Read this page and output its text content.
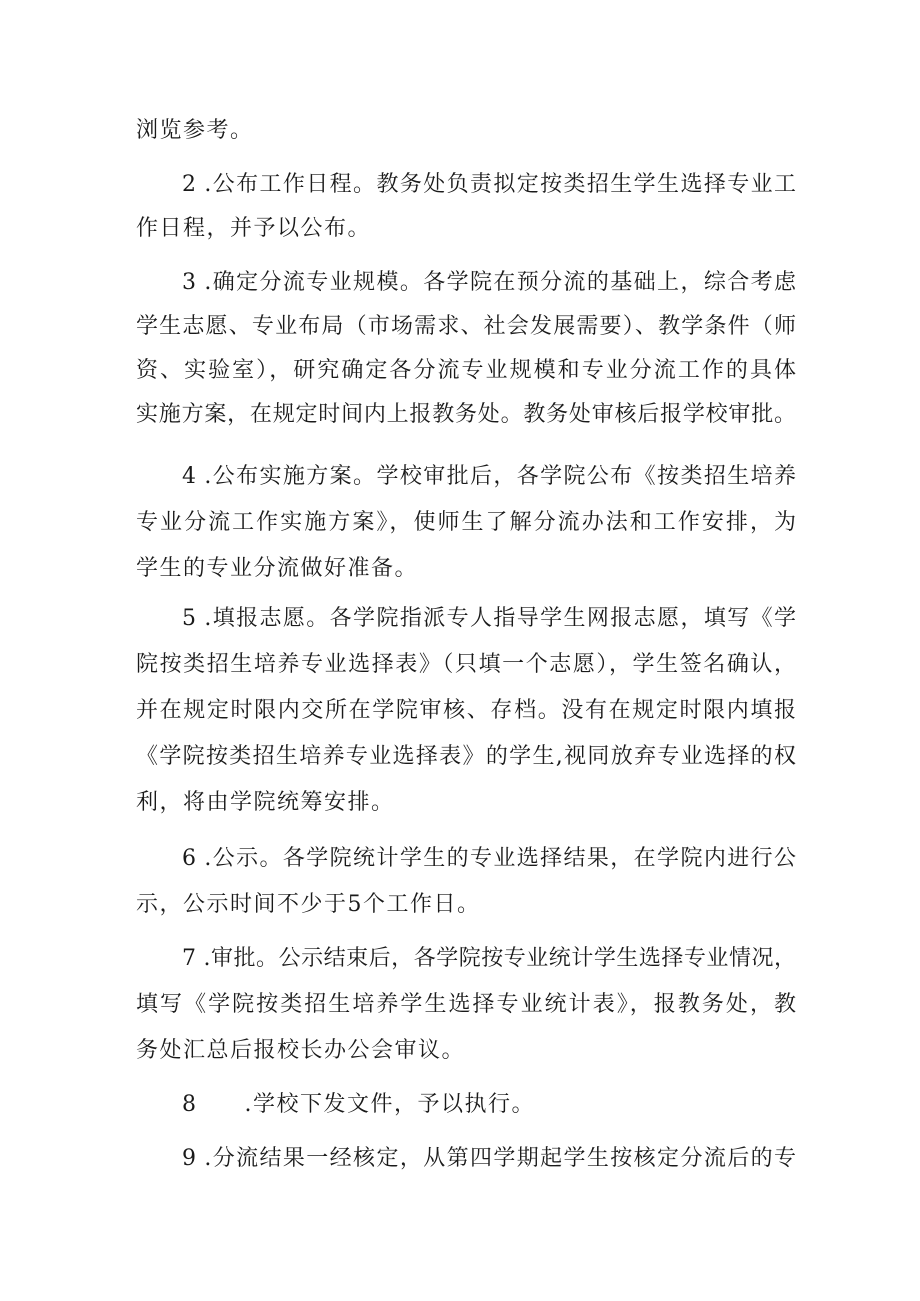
浏览参考。
2 .公布工作日程。教务处负责拟定按类招生学生选择专业工
作日程，并予以公布。
3 .确定分流专业规模。各学院在预分流的基础上，综合考虑
学生志愿、专业布局（市场需求、社会发展需要）、教学条件（师
资、实验室），研究确定各分流专业规模和专业分流工作的具体
实施方案，在规定时间内上报教务处。教务处审核后报学校审批。
4 .公布实施方案。学校审批后，各学院公布《按类招生培养
专业分流工作实施方案》，使师生了解分流办法和工作安排，为
学生的专业分流做好准备。
5 .填报志愿。各学院指派专人指导学生网报志愿，填写《学
院按类招生培养专业选择表》（只填一个志愿），学生签名确认，
并在规定时限内交所在学院审核、存档。没有在规定时限内填报
《学院按类招生培养专业选择表》的学生,视同放弃专业选择的权
利，将由学院统筹安排。
6 .公示。各学院统计学生的专业选择结果，在学院内进行公
示，公示时间不少于5个工作日。
7 .审批。公示结束后，各学院按专业统计学生选择专业情况，
填写《学院按类招生培养学生选择专业统计表》，报教务处，教
务处汇总后报校长办公会审议。
8　　.学校下发文件，予以执行。
9 .分流结果一经核定，从第四学期起学生按核定分流后的专
